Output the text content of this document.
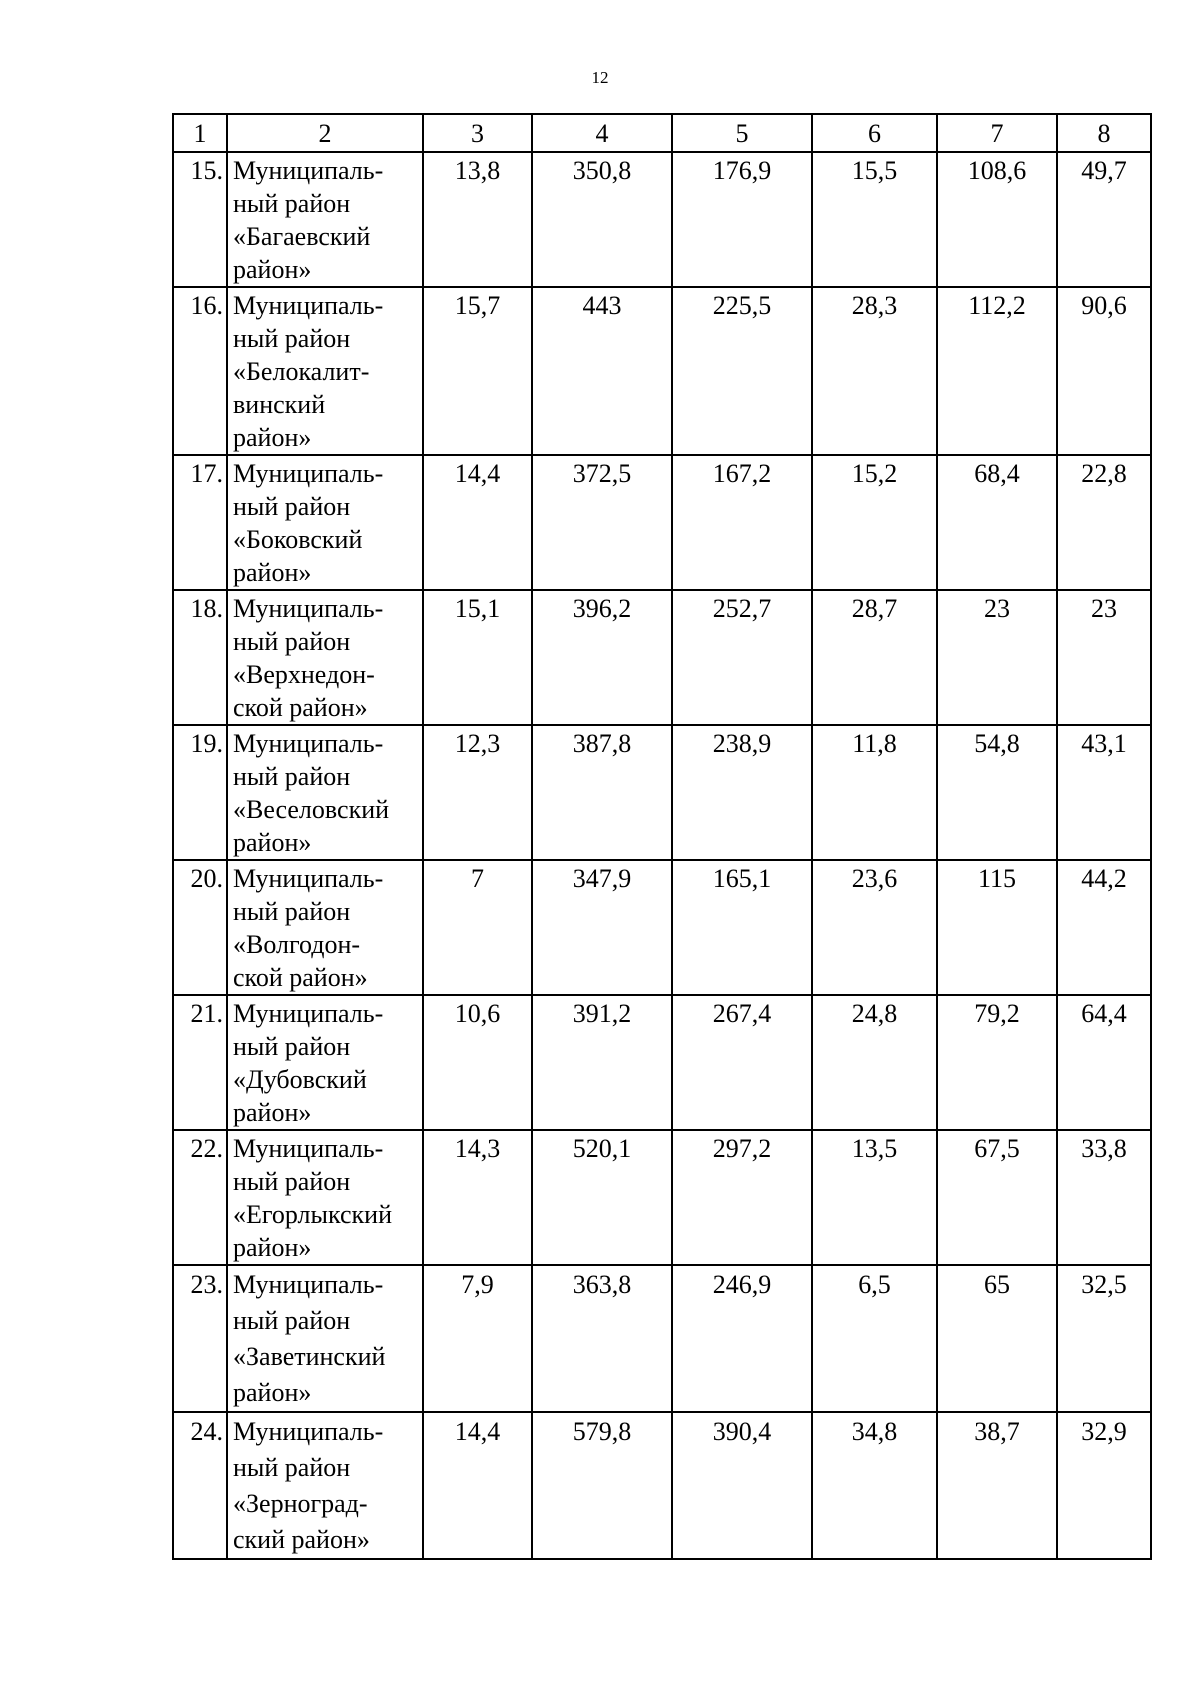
12
1	2	3	4	5	6	7	8
15.	Муниципаль-
ный район
«Багаевский
район»	13,8	350,8	176,9	15,5	108,6	49,7
16.	Муниципаль-
ный район
«Белокалит-
винский
район»	15,7	443	225,5	28,3	112,2	90,6
17.	Муниципаль-
ный район
«Боковский
район»	14,4	372,5	167,2	15,2	68,4	22,8
18.	Муниципаль-
ный район
«Верхнедон-
ской район»	15,1	396,2	252,7	28,7	23	23
19.	Муниципаль-
ный район
«Веселовский
район»	12,3	387,8	238,9	11,8	54,8	43,1
20.	Муниципаль-
ный район
«Волгодон-
ской район»	7	347,9	165,1	23,6	115	44,2
21.	Муниципаль-
ный район
«Дубовский
район»	10,6	391,2	267,4	24,8	79,2	64,4
22.	Муниципаль-
ный район
«Егорлыкский
район»	14,3	520,1	297,2	13,5	67,5	33,8
23.	Муниципаль-
ный район
«Заветинский
район»	7,9	363,8	246,9	6,5	65	32,5
24.	Муниципаль-
ный район
«Зерноград-
ский район»	14,4	579,8	390,4	34,8	38,7	32,9
